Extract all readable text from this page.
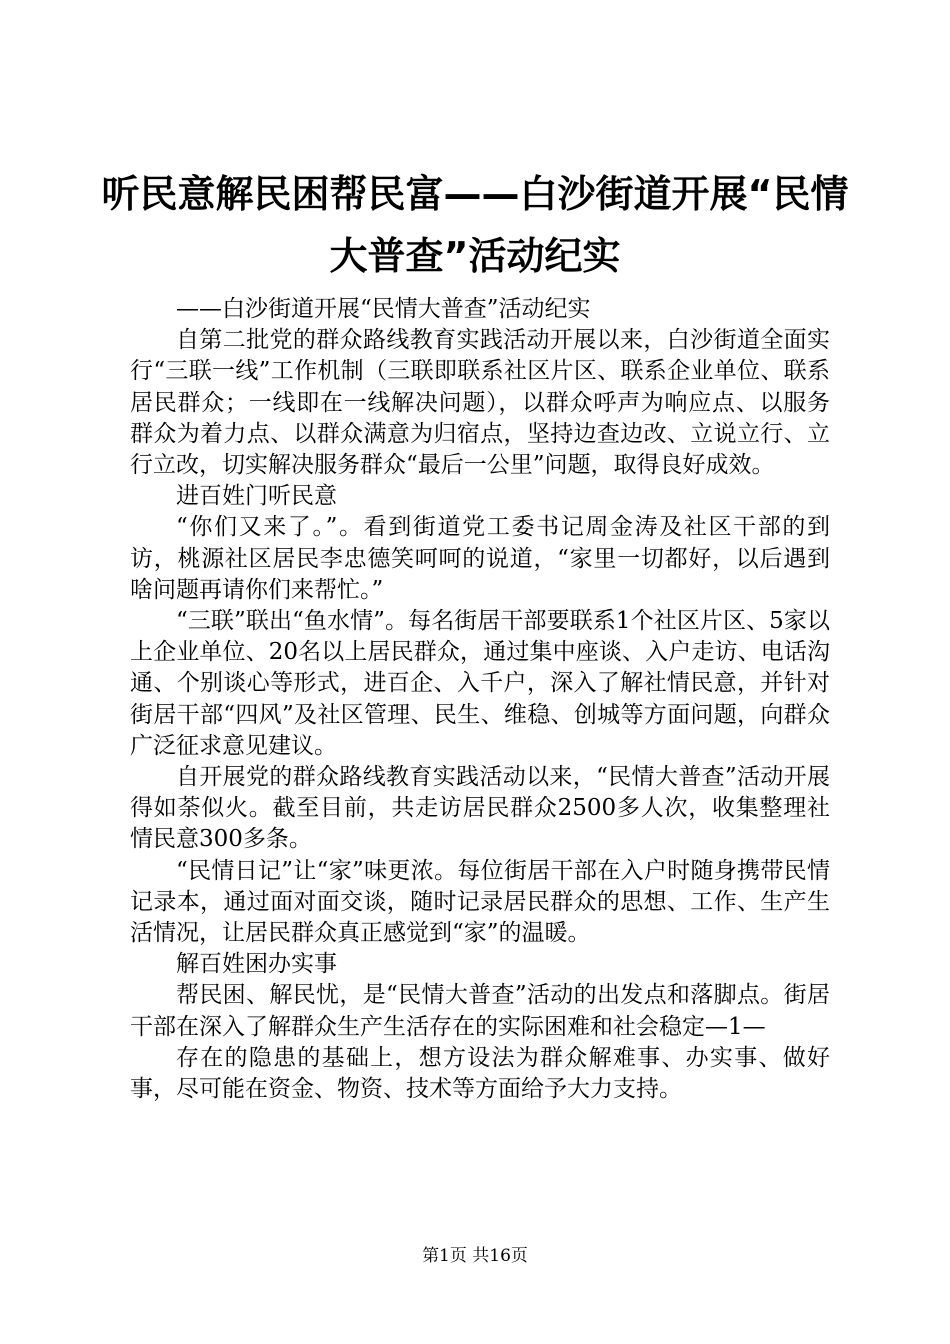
听民意解民困帮民富——白沙街道开展“民情大普查”活动纪实

——白沙街道开展“民情大普查”活动纪实

自第二批党的群众路线教育实践活动开展以来，白沙街道全面实行“三联一线”工作机制（三联即联系社区片区、联系企业单位、联系居民群众；一线即在一线解决问题），以群众呼声为响应点、以服务群众为着力点、以群众满意为归宿点，坚持边查边改、立说立行、立行立改，切实解决服务群众“最后一公里”问题，取得良好成效。

进百姓门听民意

“你们又来了。”。看到街道党工委书记周金涛及社区干部的到访，桃源社区居民李忠德笑呵呵的说道，“家里一切都好，以后遇到啥问题再请你们来帮忙。”

“三联”联出“鱼水情”。每名街居干部要联系1个社区片区、5家以上企业单位、20名以上居民群众，通过集中座谈、入户走访、电话沟通、个别谈心等形式，进百企、入千户，深入了解社情民意，并针对街居干部“四风”及社区管理、民生、维稳、创城等方面问题，向群众广泛征求意见建议。

自开展党的群众路线教育实践活动以来，“民情大普查”活动开展得如荼似火。截至目前，共走访居民群众2500多人次，收集整理社情民意300多条。

“民情日记”让“家”味更浓。每位街居干部在入户时随身携带民情记录本，通过面对面交谈，随时记录居民群众的思想、工作、生产生活情况，让居民群众真正感觉到“家”的温暖。

解百姓困办实事

帮民困、解民忧，是“民情大普查”活动的出发点和落脚点。街居干部在深入了解群众生产生活存在的实际困难和社会稳定—1—

存在的隐患的基础上，想方设法为群众解难事、办实事、做好事，尽可能在资金、物资、技术等方面给予大力支持。

第1页 共16页
